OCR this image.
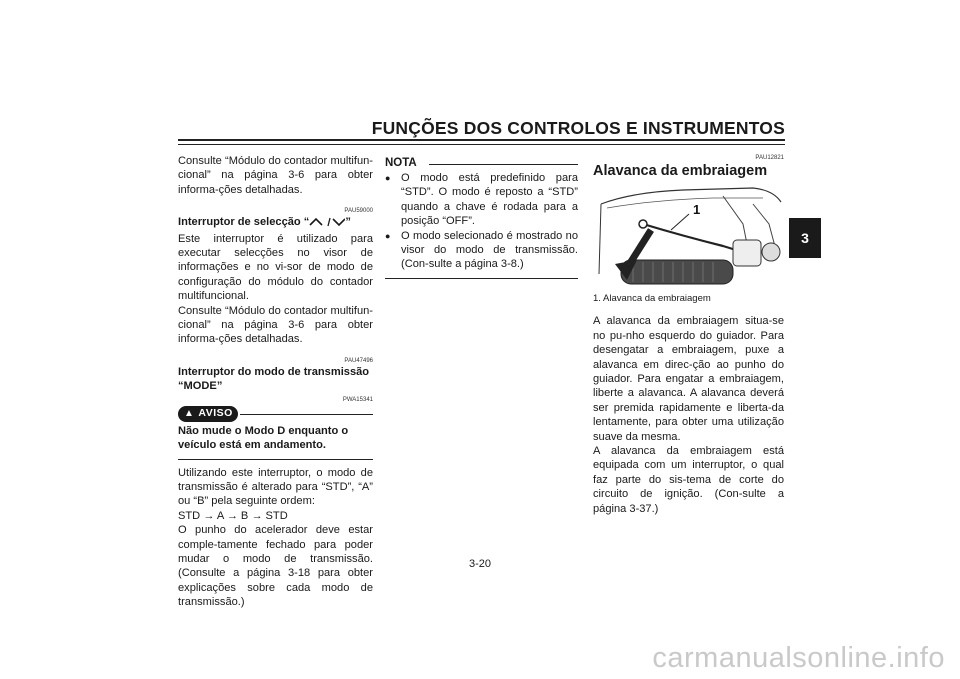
FUNÇÕES DOS CONTROLOS E INSTRUMENTOS
3

Consulte “Módulo do contador multifun-cional” na página 3-6 para obter informa-ções detalhadas.

PAU59000

Interruptor de selecção “	”

Este interruptor é utilizado para executar selecções no visor de informações e no vi-sor de modo de configuração do módulo do contador multifuncional.

Consulte “Módulo do contador multifun-cional” na página 3-6 para obter informa-ções detalhadas.

PAU47496

Interruptor do modo de transmissão “MODE”

PWA15341
▲ AVISO

Não mude o Modo D enquanto o veículo está em andamento.

Utilizando este interruptor, o modo de transmissão é alterado para “STD”, “A” ou “B” pela seguinte ordem:

STD → A → B → STD

O punho do acelerador deve estar comple-tamente fechado para poder mudar o modo de transmissão. (Consulte a página 3-18 para obter explicações sobre cada modo de transmissão.)

NOTA
● O modo está predefinido para “STD”. O modo é reposto a “STD” quando a chave é rodada para a posição “OFF”.
● O modo selecionado é mostrado no visor do modo de transmissão. (Con-sulte a página 3-8.)
PAU12821

Alavanca da embraiagem

1

1. Alavanca da embraiagem

A alavanca da embraiagem situa-se no pu-nho esquerdo do guiador. Para desengatar a embraiagem, puxe a alavanca em direc-ção ao punho do guiador. Para engatar a embraiagem, liberte a alavanca. A alavanca deverá ser premida rapidamente e liberta-da lentamente, para obter uma utilização suave da mesma.

A alavanca da embraiagem está equipada com um interruptor, o qual faz parte do sis-tema de corte do circuito de ignição. (Con-sulte a página 3-37.)

3-20
carmanualsonline.info
